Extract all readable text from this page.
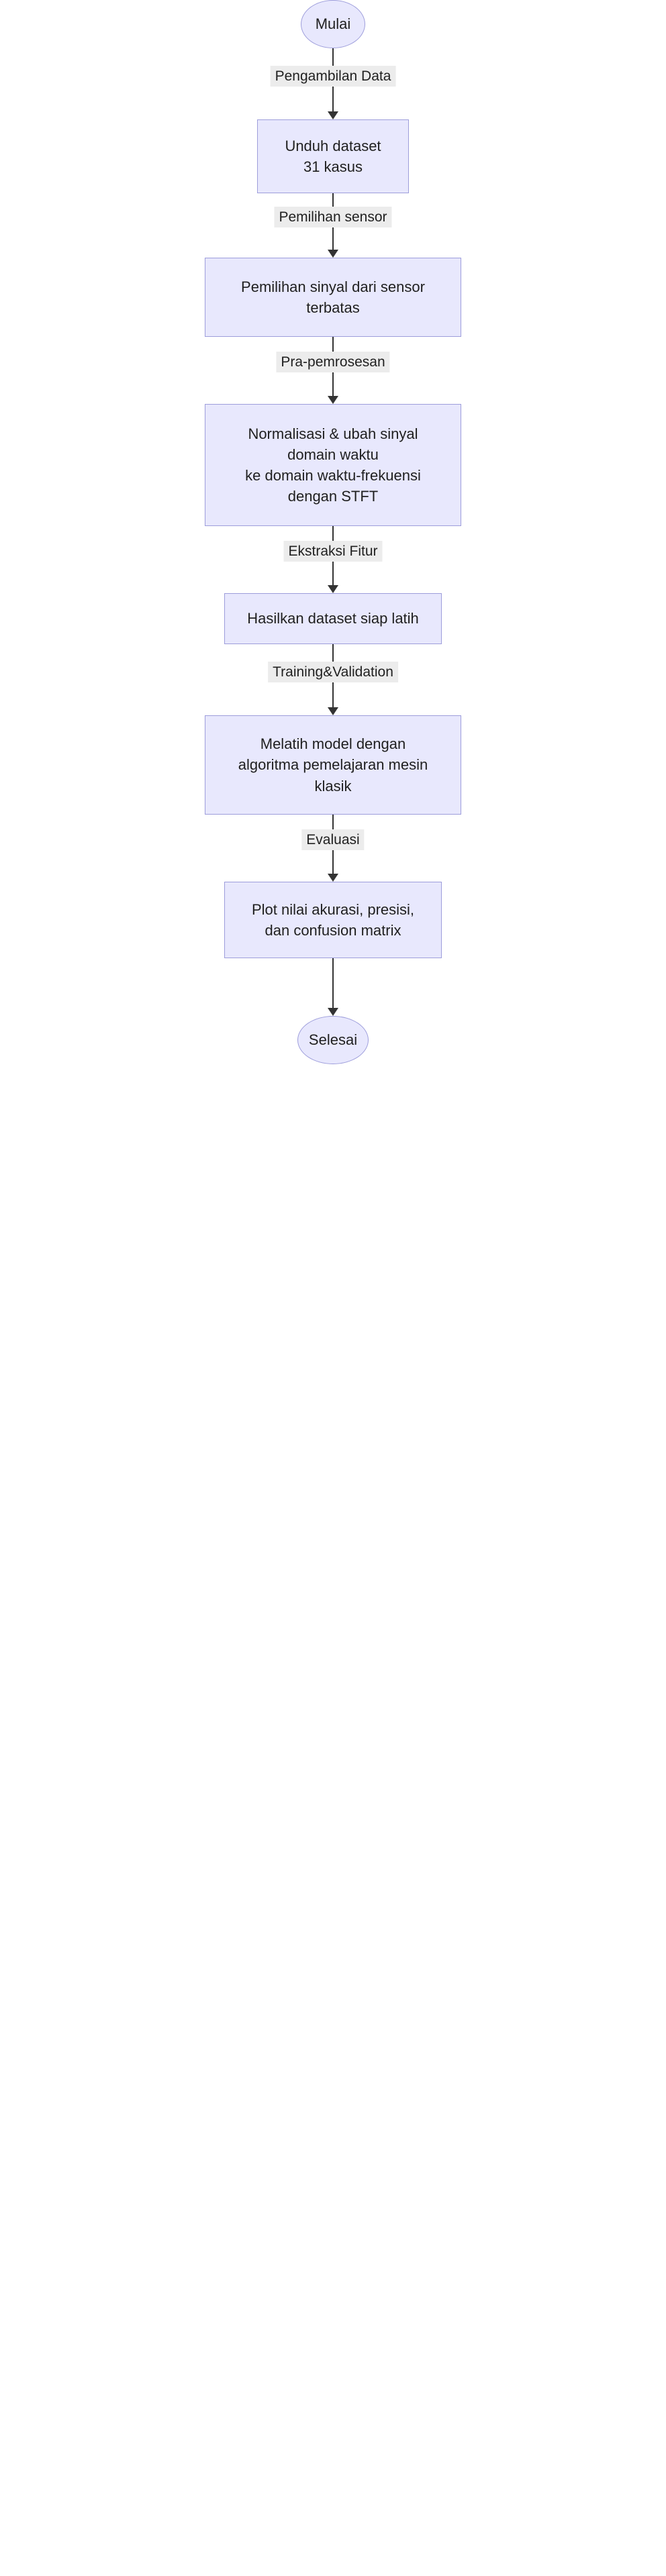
Mulai
Pengambilan Data
Unduh dataset
31 kasus
Pemilihan sensor
Pemilihan sinyal dari sensor
terbatas
Pra-pemrosesan
Normalisasi & ubah sinyal
domain waktu
ke domain waktu-frekuensi
dengan STFT
Ekstraksi Fitur
Hasilkan dataset siap latih
Training&Validation
Melatih model dengan
algoritma pemelajaran mesin
klasik
Evaluasi
Plot nilai akurasi, presisi,
dan confusion matrix
Selesai
